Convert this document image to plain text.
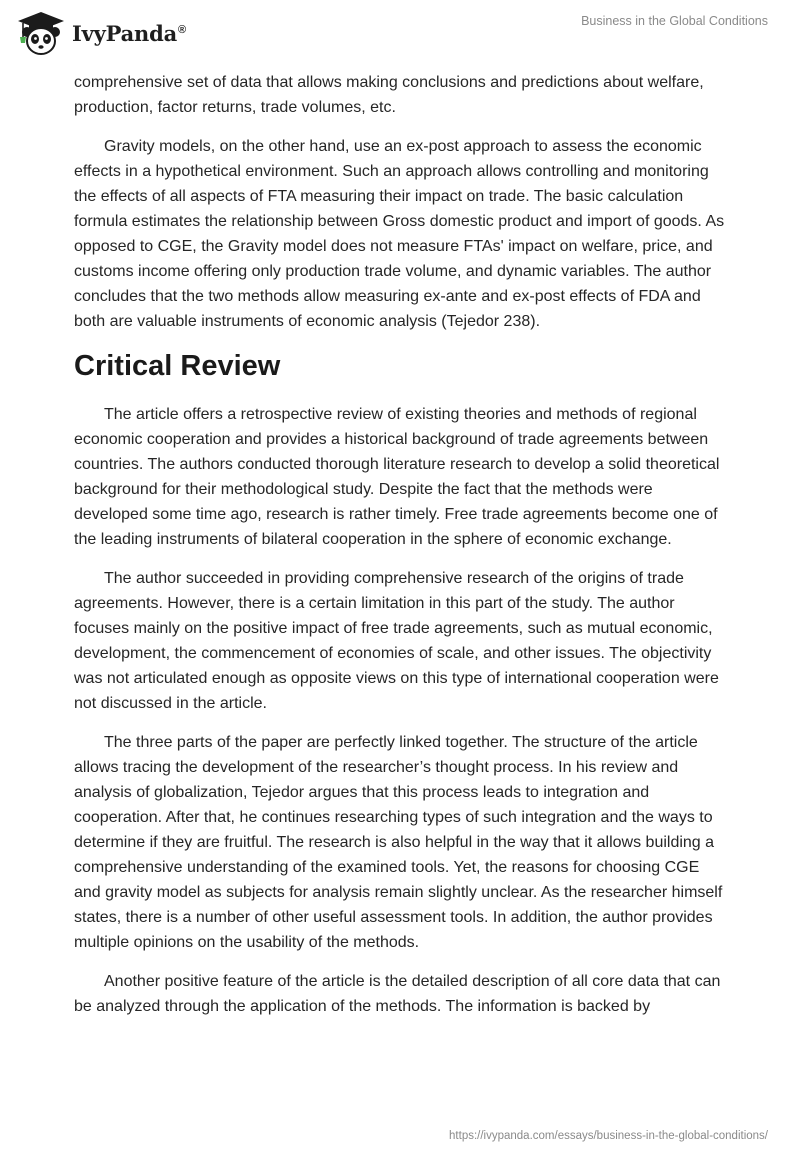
IvyPanda®
Business in the Global Conditions

comprehensive set of data that allows making conclusions and predictions about welfare, production, factor returns, trade volumes, etc.

Gravity models, on the other hand, use an ex-post approach to assess the economic effects in a hypothetical environment. Such an approach allows controlling and monitoring the effects of all aspects of FTA measuring their impact on trade. The basic calculation formula estimates the relationship between Gross domestic product and import of goods. As opposed to CGE, the Gravity model does not measure FTAs' impact on welfare, price, and customs income offering only production trade volume, and dynamic variables. The author concludes that the two methods allow measuring ex-ante and ex-post effects of FDA and both are valuable instruments of economic analysis (Tejedor 238).

Critical Review

The article offers a retrospective review of existing theories and methods of regional economic cooperation and provides a historical background of trade agreements between countries. The authors conducted thorough literature research to develop a solid theoretical background for their methodological study. Despite the fact that the methods were developed some time ago, research is rather timely. Free trade agreements become one of the leading instruments of bilateral cooperation in the sphere of economic exchange.

The author succeeded in providing comprehensive research of the origins of trade agreements. However, there is a certain limitation in this part of the study. The author focuses mainly on the positive impact of free trade agreements, such as mutual economic, development, the commencement of economies of scale, and other issues. The objectivity was not articulated enough as opposite views on this type of international cooperation were not discussed in the article.

The three parts of the paper are perfectly linked together. The structure of the article allows tracing the development of the researcher’s thought process. In his review and analysis of globalization, Tejedor argues that this process leads to integration and cooperation. After that, he continues researching types of such integration and the ways to determine if they are fruitful. The research is also helpful in the way that it allows building a comprehensive understanding of the examined tools. Yet, the reasons for choosing CGE and gravity model as subjects for analysis remain slightly unclear. As the researcher himself states, there is a number of other useful assessment tools. In addition, the author provides multiple opinions on the usability of the methods.

Another positive feature of the article is the detailed description of all core data that can be analyzed through the application of the methods. The information is backed by

https://ivypanda.com/essays/business-in-the-global-conditions/
